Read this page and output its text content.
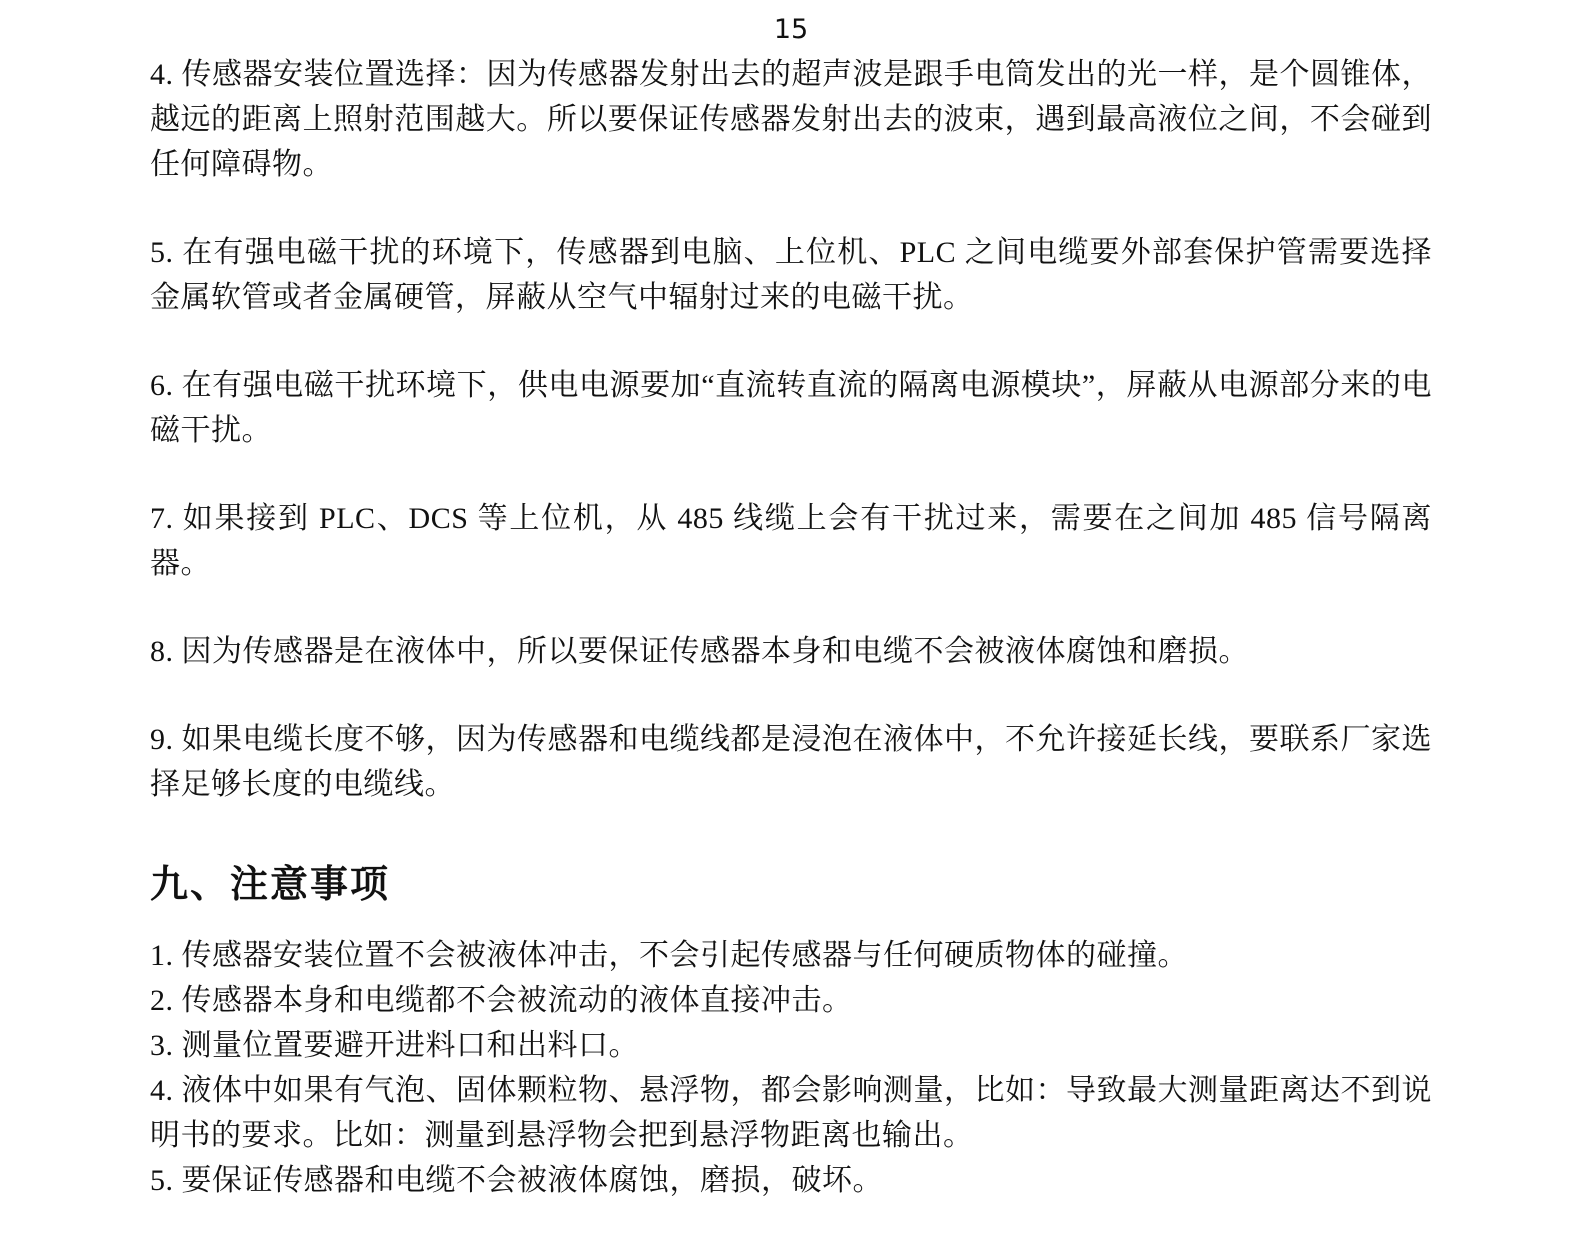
15

4. 传感器安装位置选择：因为传感器发射出去的超声波是跟手电筒发出的光一样，是个圆锥体，越远的距离上照射范围越大。所以要保证传感器发射出去的波束，遇到最高液位之间，不会碰到任何障碍物。

5. 在有强电磁干扰的环境下，传感器到电脑、上位机、PLC 之间电缆要外部套保护管需要选择金属软管或者金属硬管，屏蔽从空气中辐射过来的电磁干扰。

6. 在有强电磁干扰环境下，供电电源要加“直流转直流的隔离电源模块”，屏蔽从电源部分来的电磁干扰。

7. 如果接到 PLC、DCS 等上位机，从 485 线缆上会有干扰过来，需要在之间加 485 信号隔离器。

8. 因为传感器是在液体中，所以要保证传感器本身和电缆不会被液体腐蚀和磨损。

9. 如果电缆长度不够，因为传感器和电缆线都是浸泡在液体中，不允许接延长线，要联系厂家选择足够长度的电缆线。

九、注意事项

1. 传感器安装位置不会被液体冲击，不会引起传感器与任何硬质物体的碰撞。

2. 传感器本身和电缆都不会被流动的液体直接冲击。

3. 测量位置要避开进料口和出料口。

4. 液体中如果有气泡、固体颗粒物、悬浮物，都会影响测量，比如：导致最大测量距离达不到说明书的要求。比如：测量到悬浮物会把到悬浮物距离也输出。

5. 要保证传感器和电缆不会被液体腐蚀，磨损，破坏。
